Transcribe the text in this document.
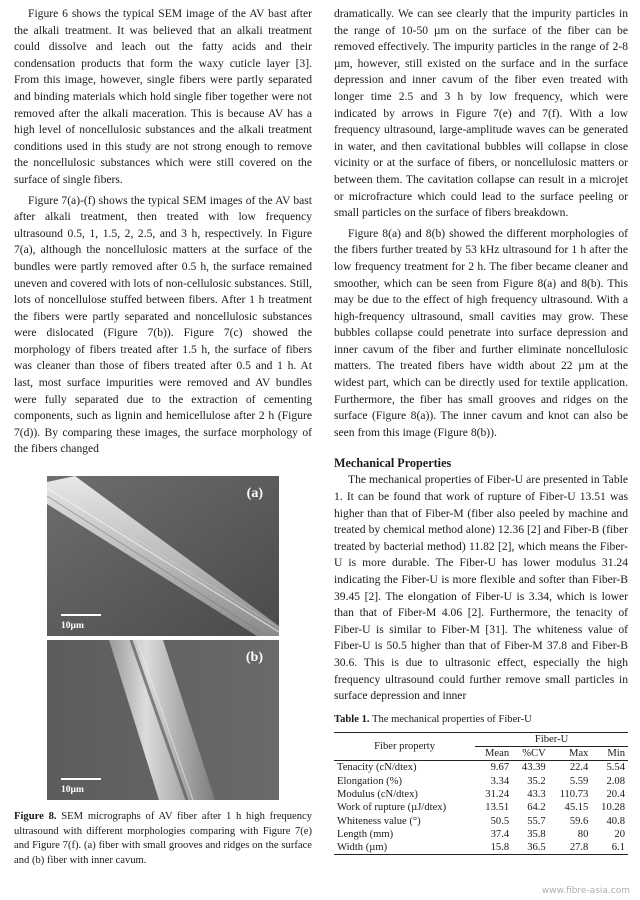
Figure 6 shows the typical SEM image of the AV bast after the alkali treatment. It was believed that an alkali treatment could dissolve and leach out the fatty acids and their condensation products that form the waxy cuticle layer [3]. From this image, however, single fibers were partly separated and binding materials which hold single fiber together were not removed after the alkali maceration. This is because AV has a high level of noncellulosic substances and the alkali treatment conditions used in this study are not strong enough to remove the noncellulosic substances which were still covered on the surface of single fibers.

Figure 7(a)-(f) shows the typical SEM images of the AV bast after alkali treatment, then treated with low frequency ultrasound 0.5, 1, 1.5, 2, 2.5, and 3 h, respectively. In Figure 7(a), although the noncellulosic matters at the surface of the bundles were partly removed after 0.5 h, the surface remained uneven and covered with lots of non-cellulosic substances. Still, lots of noncellulose stuffed between fibers. After 1 h treatment the fibers were partly separated and noncellulosic substances were dislocated (Figure 7(b)). Figure 7(c) showed the morphology of fibers treated after 1.5 h, the surface of fibers was cleaner than those of fibers treated after 0.5 and 1 h. At last, most surface impurities were removed and AV bundles were fully separated due to the extraction of cementing components, such as lignin and hemicellulose after 2 h (Figure 7(d)). By comparing these images, the surface morphology of the fibers changed

(a)
10µm
(b)
10µm
Figure 8. SEM micrographs of AV fiber after 1 h high frequency ultrasound with different morphologies comparing with Figure 7(e) and Figure 7(f). (a) fiber with small grooves and ridges on the surface and (b) fiber with inner cavum.

dramatically. We can see clearly that the impurity particles in the range of 10-50 µm on the surface of the fiber can be removed effectively. The impurity particles in the range of 2-8 µm, however, still existed on the surface and in the surface depression and inner cavum of the fiber even treated with longer time 2.5 and 3 h by low frequency, which were indicated by arrows in Figure 7(e) and 7(f). With a low frequency ultrasound, large-amplitude waves can be generated in water, and then cavitational bubbles will collapse in close vicinity or at the surface of fibers, or noncellulosic matters or between them. The cavitation collapse can result in a microjet or microfracture which could lead to the surface peeling or small particles on the surface of fibers breakdown.

Figure 8(a) and 8(b) showed the different morphologies of the fibers further treated by 53 kHz ultrasound for 1 h after the low frequency treatment for 2 h. The fiber became cleaner and smoother, which can be seen from Figure 8(a) and 8(b). This may be due to the effect of high frequency ultrasound. With a high-frequency ultrasound, small cavities may grow. These bubbles collapse could penetrate into surface depression and inner cavum of the fiber and further eliminate noncellulosic matters. The treated fibers have width about 22 µm at the widest part, which can be directly used for textile application. Furthermore, the fiber has small grooves and ridges on the surface (Figure 8(a)). The inner cavum and knot can also be seen from this image (Figure 8(b)).

Mechanical Properties

The mechanical properties of Fiber-U are presented in Table 1. It can be found that work of rupture of Fiber-U 13.51 was higher than that of Fiber-M (fiber also peeled by machine and treated by chemical method alone) 12.36 [2] and Fiber-B (fiber treated by bacterial method) 11.82 [2], which means the Fiber-U is more durable. The Fiber-U has lower modulus 31.24 indicating the Fiber-U is more flexible and softer than Fiber-B 39.45 [2]. The elongation of Fiber-U is 3.34, which is lower than that of Fiber-M 4.06 [2]. Furthermore, the tenacity of Fiber-U is similar to Fiber-M [31]. The whiteness value of Fiber-U is 50.5 higher than that of Fiber-M 37.8 and Fiber-B 30.6. This is due to ultrasonic effect, especially the high frequency ultrasound could further remove small particles in surface depression and inner

Table 1. The mechanical properties of Fiber-U
Fiber property	Fiber-U			
	Mean	%CV	Max	Min
Tenacity (cN/dtex)	9.67	43.39	22.4	5.54
Elongation (%)	3.34	35.2	5.59	2.08
Modulus (cN/dtex)	31.24	43.3	110.73	20.4
Work of rupture (µJ/dtex)	13.51	64.2	45.15	10.28
Whiteness value (°)	50.5	55.7	59.6	40.8
Length (mm)	37.4	35.8	80	20
Width (µm)	15.8	36.5	27.8	6.1
www.fibre-asia.com
